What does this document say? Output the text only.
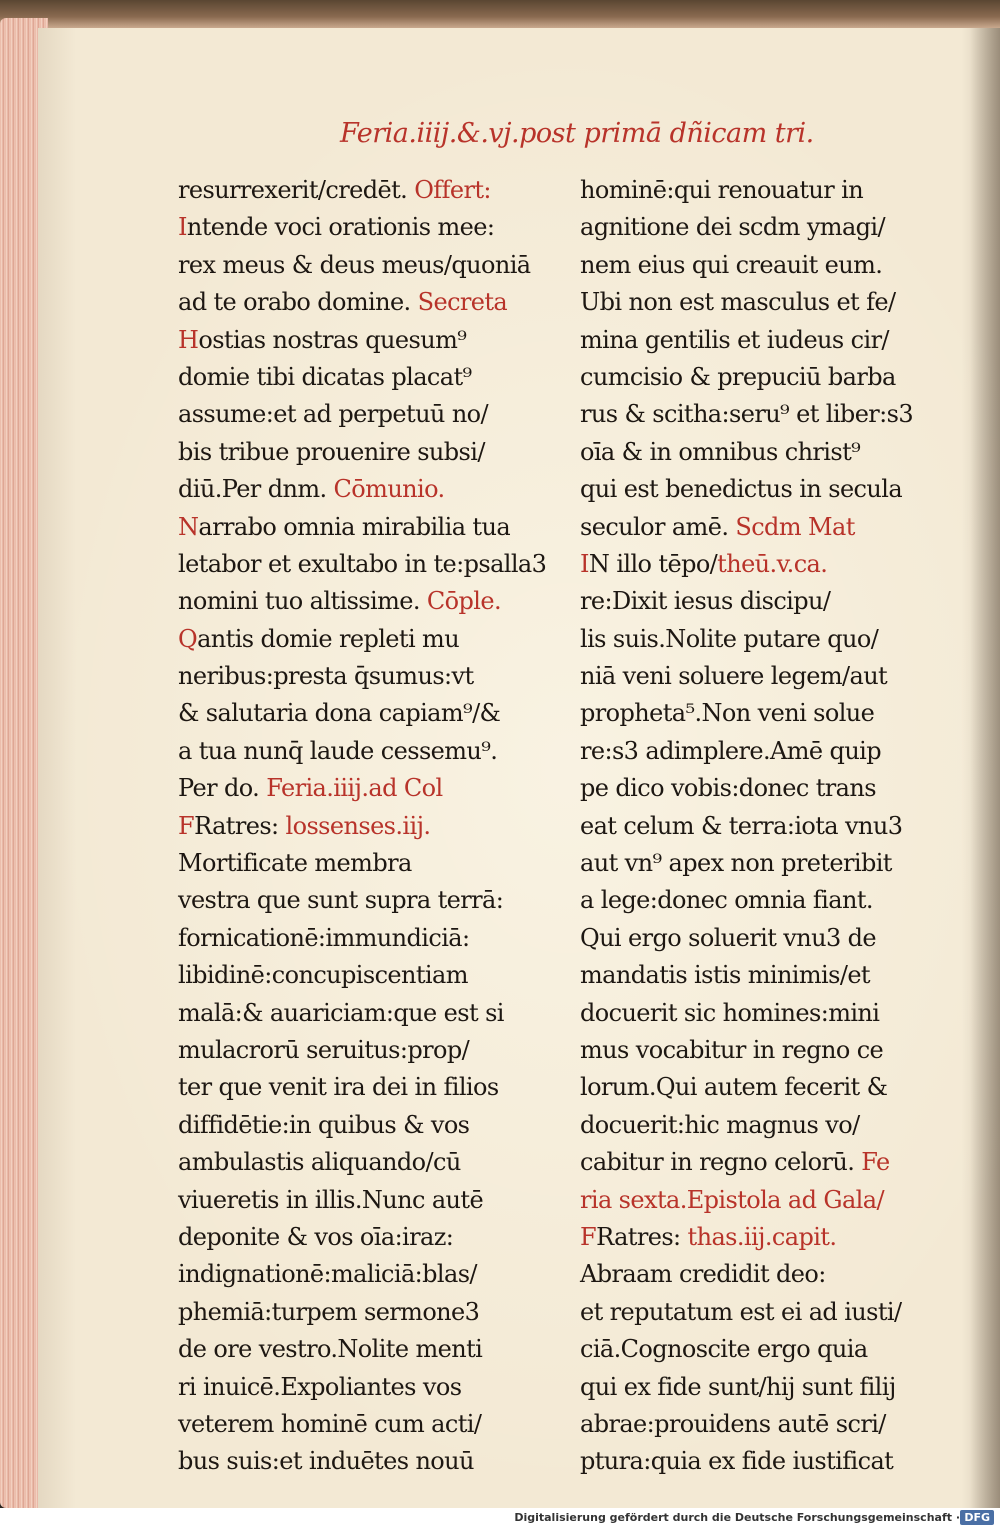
Feria.iiij.&.vj.post primā dñicam tri.
resurrexerit/credēt. Offert:
Intende voci orationis mee:
rex meus & deus meus/quoniā
ad te orabo domine. Secreta
Hostias nostras quesum⁹
domie tibi dicatas placat⁹
assume:et ad perpetuū no/
bis tribue prouenire subsi/
diū.Per dnm. Cōmunio.
Narrabo omnia mirabilia tua
letabor et exultabo in te:psalla3
nomini tuo altissime. Cōple.
Qantis domie repleti mu
neribus:presta q̄sumus:vt
& salutaria dona capiam⁹/&
a tua nunq̄ laude cessemu⁹.
Per do. Feria.iiij.ad Col
FRatres: lossenses.iij.
Mortificate membra
vestra que sunt supra terrā:
fornicationē:immundiciā:
libidinē:concupiscentiam
malā:& auariciam:que est si
mulacrorū seruitus:prop/
ter que venit ira dei in filios
diffidētie:in quibus & vos
ambulastis aliquando/cū
viueretis in illis.Nunc autē
deponite & vos oīa:iraz:
indignationē:maliciā:blas/
phemiā:turpem sermone3
de ore vestro.Nolite menti
ri inuicē.Expoliantes vos
veterem hominē cum acti/
bus suis:et induētes nouū
hominē:qui renouatur in
agnitione dei scdm ymagi/
nem eius qui creauit eum.
Ubi non est masculus et fe/
mina gentilis et iudeus cir/
cumcisio & prepuciū barba
rus & scitha:seru⁹ et liber:s3
oīa & in omnibus christ⁹
qui est benedictus in secula
seculor amē. Scdm Mat
IN illo tēpo/theū.v.ca.
re:Dixit iesus discipu/
lis suis.Nolite putare quo/
niā veni soluere legem/aut
propheta⁵.Non veni solue
re:s3 adimplere.Amē quip
pe dico vobis:donec trans
eat celum & terra:iota vnu3
aut vn⁹ apex non preteribit
a lege:donec omnia fiant.
Qui ergo soluerit vnu3 de
mandatis istis minimis/et
docuerit sic homines:mini
mus vocabitur in regno ce
lorum.Qui autem fecerit &
docuerit:hic magnus vo/
cabitur in regno celorū. Fe
ria sexta.Epistola ad Gala/
FRatres: thas.iij.capit.
Abraam credidit deo:
et reputatum est ei ad iusti/
ciā.Cognoscite ergo quia
qui ex fide sunt/hij sunt filij
abrae:prouidens autē scri/
ptura:quia ex fide iustificat
Digitalisierung gefördert durch die Deutsche Forschungsgemeinschaft · DFG
